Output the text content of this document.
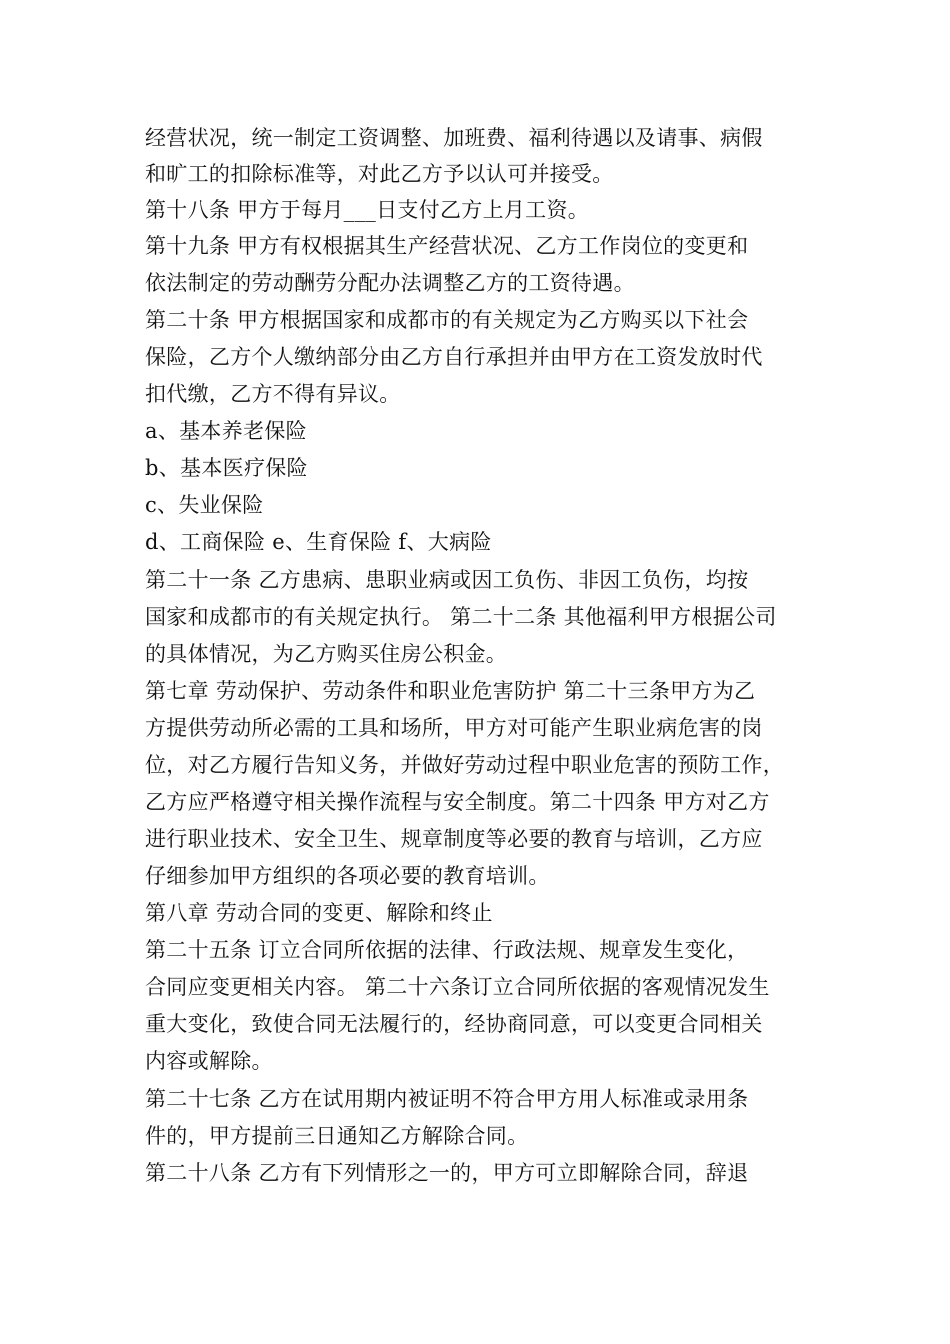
经营状况，统一制定工资调整、加班费、福利待遇以及请事、病假
和旷工的扣除标准等，对此乙方予以认可并接受。
第十八条 甲方于每月___日支付乙方上月工资。
第十九条 甲方有权根据其生产经营状况、乙方工作岗位的变更和
依法制定的劳动酬劳分配办法调整乙方的工资待遇。
第二十条 甲方根据国家和成都市的有关规定为乙方购买以下社会
保险，乙方个人缴纳部分由乙方自行承担并由甲方在工资发放时代
扣代缴，乙方不得有异议。
a、基本养老保险
b、基本医疗保险
c、失业保险
d、工商保险 e、生育保险 f、大病险
第二十一条 乙方患病、患职业病或因工负伤、非因工负伤，均按
国家和成都市的有关规定执行。 第二十二条 其他福利甲方根据公司
的具体情况，为乙方购买住房公积金。
第七章 劳动保护、劳动条件和职业危害防护 第二十三条甲方为乙
方提供劳动所必需的工具和场所，甲方对可能产生职业病危害的岗
位，对乙方履行告知义务，并做好劳动过程中职业危害的预防工作，
乙方应严格遵守相关操作流程与安全制度。第二十四条 甲方对乙方
进行职业技术、安全卫生、规章制度等必要的教育与培训，乙方应
仔细参加甲方组织的各项必要的教育培训。
第八章 劳动合同的变更、解除和终止
第二十五条 订立合同所依据的法律、行政法规、规章发生变化，
合同应变更相关内容。 第二十六条订立合同所依据的客观情况发生
重大变化，致使合同无法履行的，经协商同意，可以变更合同相关
内容或解除。
第二十七条 乙方在试用期内被证明不符合甲方用人标准或录用条
件的，甲方提前三日通知乙方解除合同。
第二十八条 乙方有下列情形之一的，甲方可立即解除合同，辞退
